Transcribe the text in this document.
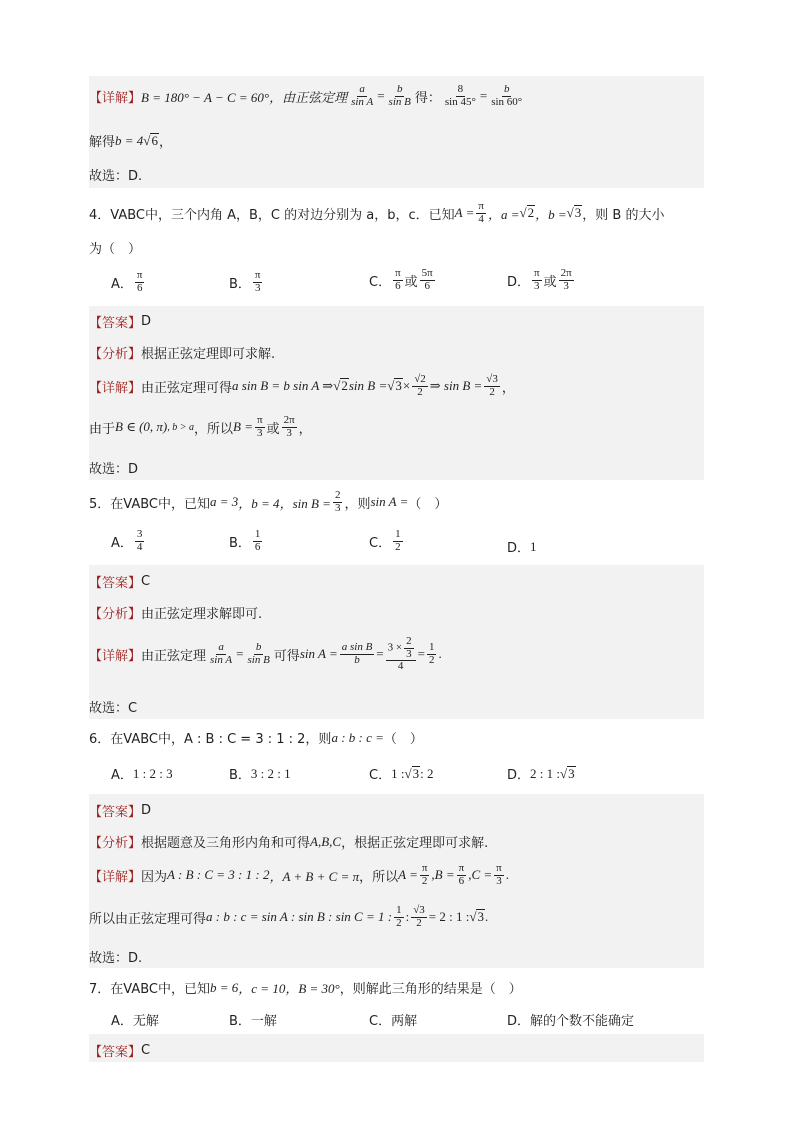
【详解】 B = 180° − A − C = 60°，由正弦定理 $\frac{a}{\text{sin A}} = \frac{b}{\text{sin B}}$ 得： $\frac{8}{\sin 45^\circ} = \frac{b}{\sin 60^\circ}$
解得 b = 4 √ 6 ，
故选：D.
4．VABC中，三个内角 A，B，C 的对边分别为 a，b，c．已知 $A = \frac{\pi}{4}$ ，a = √ 2 ，b = √ 3 ，则 B 的大小
为（　）
A． $\frac{\pi}{6}$	B． $\frac{\pi}{3}$	C． $\frac{\pi}{6}$ 或 $\frac{5\pi}{6}$	D． $\frac{\pi}{3}$ 或 $\frac{2\pi}{3}$
【答案】 D
【分析】 根据正弦定理即可求解.
【详解】 由正弦定理可得 a sin B = b sin A ⇒ √ 2 sin B = √ $3 \times \frac{√2}{2}$ ⇒ $\sin B = \frac{√3}{2}$ ，
由于 B ∈ (0, π) , b > a ，所以 $B = \frac{\pi}{3}$ 或 $\frac{2\pi}{3}$ ，
故选：D
5．在VABC中，已知 a = 3 ，b = 4 ，$\sin B = \frac{2}{3}$ ，则 sin A = （　）
A． $\frac{3}{4}$	B． $\frac{1}{6}$	C． $\frac{1}{2}$	D． 1
【答案】 C
【分析】 由正弦定理求解即可.
【详解】 由正弦定理 $\frac{a}{\text{sin A}} = \frac{b}{\text{sin B}}$ 可得 $\sin A = \frac{\text{a sin B}}{b} = \frac{3 \times \frac{2}{3}}{4} = \frac{1}{2}$ .
故选：C
6．在VABC中，A : B : C = 3 : 1 : 2，则 a : b : c = （　）
A． 1 : 2 : 3	B． 3 : 2 : 1	C． 1 : √ 3 : 2	D． 2 : 1 : √ 3
【答案】 D
【分析】 根据题意及三角形内角和可得 A,B,C ，根据正弦定理即可求解.
【详解】 因为 A : B : C = 3 : 1 : 2 ，A + B + C = π ，所以 $A = \frac{\pi}{2} ,B = \frac{\pi}{6} ,C = \frac{\pi}{3}$ .
所以由正弦定理可得 a : b : c = sin A : sin B : sin C = 1 : $\frac{1}{2}$ : $\frac{√3}{2} = 2$ : 1 : √ 3 .
故选：D.
7．在VABC中，已知 b = 6 ，c = 10 ，B = 30° ，则解此三角形的结果是（　）
A．无解	B．一解	C．两解	D．解的个数不能确定
【答案】 C
